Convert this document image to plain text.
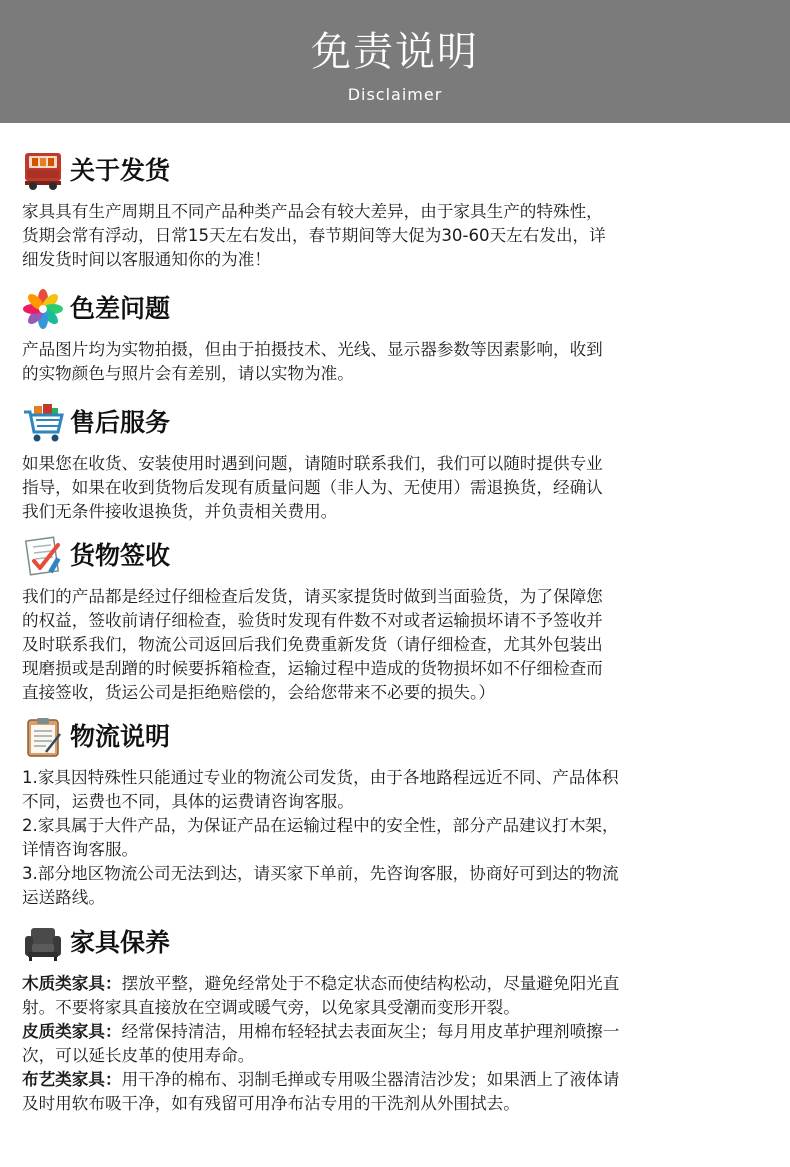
免责说明
Disclaimer
关于发货
家具具有生产周期且不同产品种类产品会有较大差异，由于家具生产的特殊性，
货期会常有浮动，日常15天左右发出，春节期间等大促为30-60天左右发出，详
细发货时间以客服通知你的为准！
色差问题
产品图片均为实物拍摄，但由于拍摄技术、光线、显示器参数等因素影响，收到
的实物颜色与照片会有差别，请以实物为准。
售后服务
如果您在收货、安装使用时遇到问题，请随时联系我们，我们可以随时提供专业
指导，如果在收到货物后发现有质量问题（非人为、无使用）需退换货，经确认
我们无条件接收退换货，并负责相关费用。
货物签收
我们的产品都是经过仔细检查后发货，请买家提货时做到当面验货，为了保障您
的权益，签收前请仔细检查，验货时发现有件数不对或者运输损坏请不予签收并
及时联系我们，物流公司返回后我们免费重新发货（请仔细检查，尤其外包装出
现磨损或是刮蹭的时候要拆箱检查，运输过程中造成的货物损坏如不仔细检查而
直接签收，货运公司是拒绝赔偿的，会给您带来不必要的损失。）
物流说明
1.家具因特殊性只能通过专业的物流公司发货，由于各地路程远近不同、产品体积
不同，运费也不同，具体的运费请咨询客服。
2.家具属于大件产品，为保证产品在运输过程中的安全性，部分产品建议打木架，
详情咨询客服。
3.部分地区物流公司无法到达，请买家下单前，先咨询客服，协商好可到达的物流
运送路线。
家具保养
木质类家具：摆放平整，避免经常处于不稳定状态而使结构松动，尽量避免阳光直
射。不要将家具直接放在空调或暖气旁，以免家具受潮而变形开裂。
皮质类家具：经常保持清洁，用棉布轻轻拭去表面灰尘；每月用皮革护理剂喷擦一
次，可以延长皮革的使用寿命。
布艺类家具：用干净的棉布、羽制毛掸或专用吸尘器清洁沙发；如果洒上了液体请
及时用软布吸干净，如有残留可用净布沾专用的干洗剂从外围拭去。
